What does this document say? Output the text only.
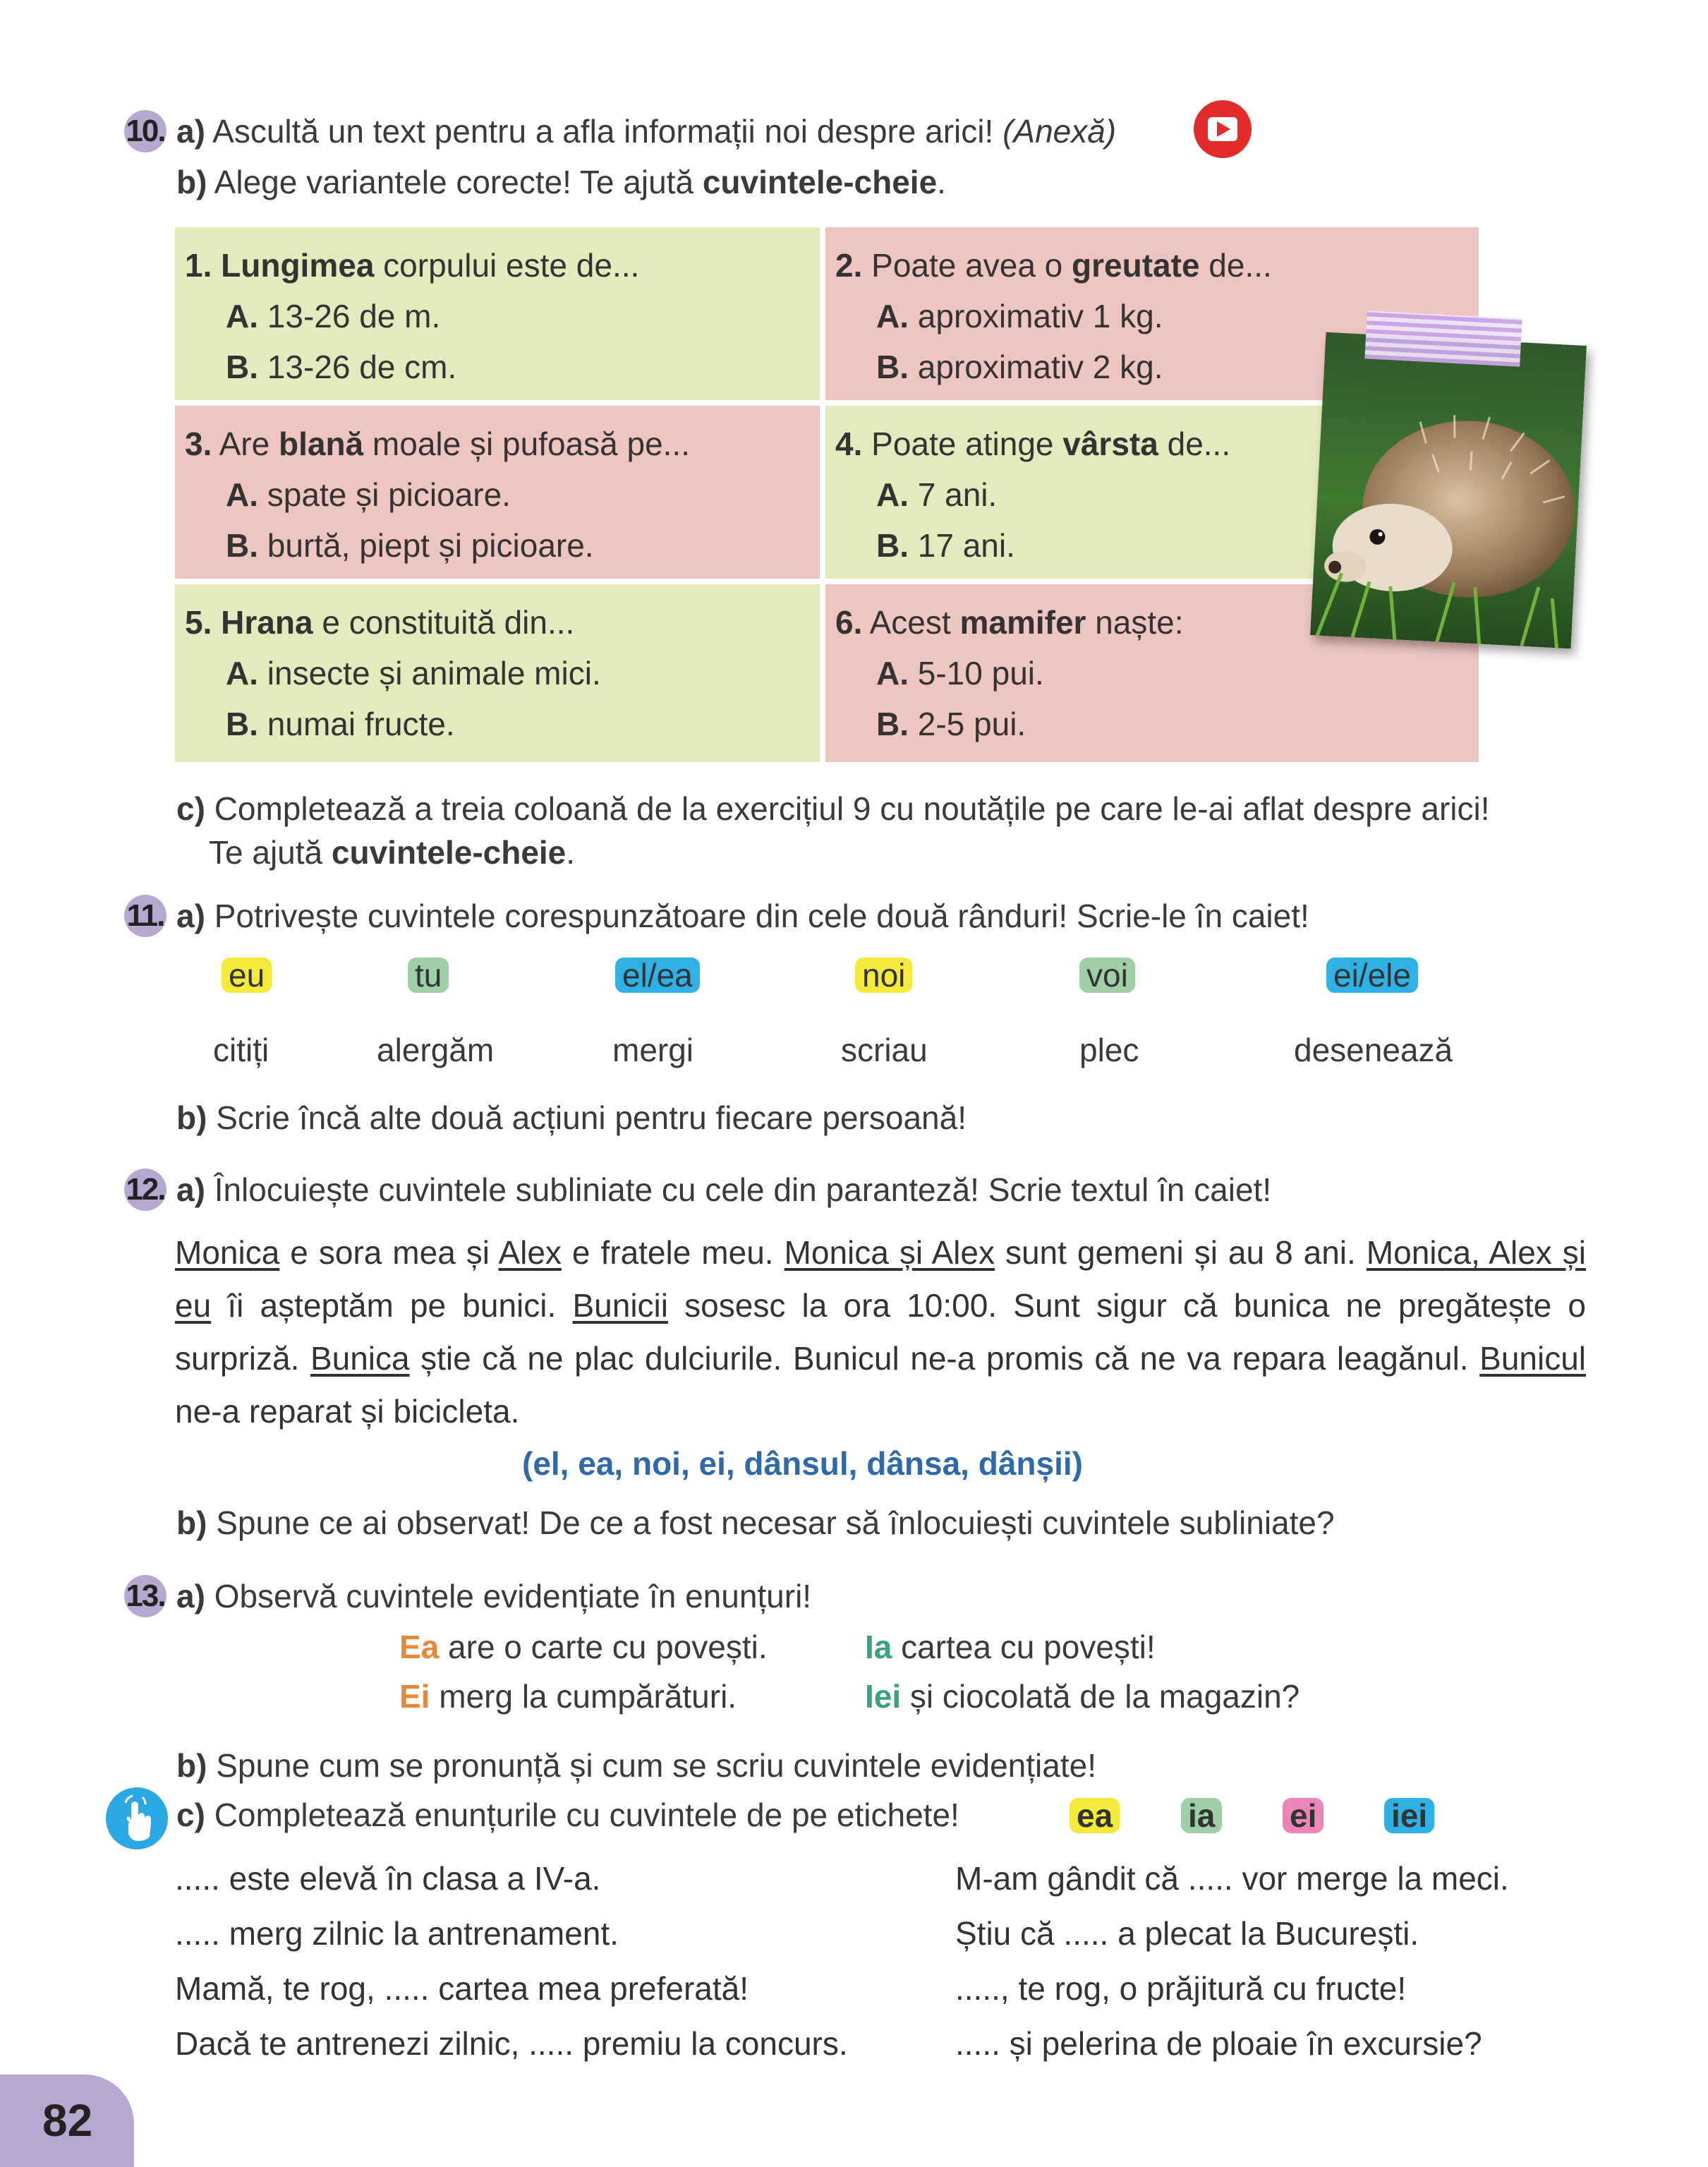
10. a) Ascultă un text pentru a afla informații noi despre arici! (Anexă)
b) Alege variantele corecte! Te ajută cuvintele-cheie.
1. Lungimea corpului este de...
A. 13-26 de m.
B. 13-26 de cm.
2. Poate avea o greutate de...
A. aproximativ 1 kg.
B. aproximativ 2 kg.
3. Are blană moale și pufoasă pe...
A. spate și picioare.
B. burtă, piept și picioare.
4. Poate atinge vârsta de...
A. 7 ani.
B. 17 ani.
5. Hrana e constituită din...
A. insecte și animale mici.
B. numai fructe.
6. Acest mamifer naște:
A. 5-10 pui.
B. 2-5 pui.
c) Completează a treia coloană de la exercițiul 9 cu noutățile pe care le-ai aflat despre arici!
Te ajută cuvintele-cheie.
11. a) Potrivește cuvintele corespunzătoare din cele două rânduri! Scrie-le în caiet!
eu	tu	el/ea	noi	voi	ei/ele
citiți	alergăm	mergi	scriau	plec	desenează
b) Scrie încă alte două acțiuni pentru fiecare persoană!
12. a) Înlocuiește cuvintele subliniate cu cele din paranteză! Scrie textul în caiet!
Monica e sora mea și Alex e fratele meu. Monica și Alex sunt gemeni și au 8 ani. Monica, Alex și eu îi așteptăm pe bunici. Bunicii sosesc la ora 10:00. Sunt sigur că bunica ne pregătește o surpriză. Bunica știe că ne plac dulciurile. Bunicul ne-a promis că ne va repara leagănul. Bunicul ne-a reparat și bicicleta.
(el, ea, noi, ei, dânsul, dânsa, dânșii)
b) Spune ce ai observat! De ce a fost necesar să înlocuiești cuvintele subliniate?
13. a) Observă cuvintele evidențiate în enunțuri!
Ea are o carte cu povești.	Ia cartea cu povești!
Ei merg la cumpărături.	Iei și ciocolată de la magazin?
b) Spune cum se pronunță și cum se scriu cuvintele evidențiate!
c) Completează enunțurile cu cuvintele de pe etichete!	ea ia ei iei
..... este elevă în clasa a IV-a.
..... merg zilnic la antrenament.
Mamă, te rog, ..... cartea mea preferată!
Dacă te antrenezi zilnic, ..... premiu la concurs.
M-am gândit că ..... vor merge la meci.
Știu că ..... a plecat la București.
....., te rog, o prăjitură cu fructe!
..... și pelerina de ploaie în excursie?
82
